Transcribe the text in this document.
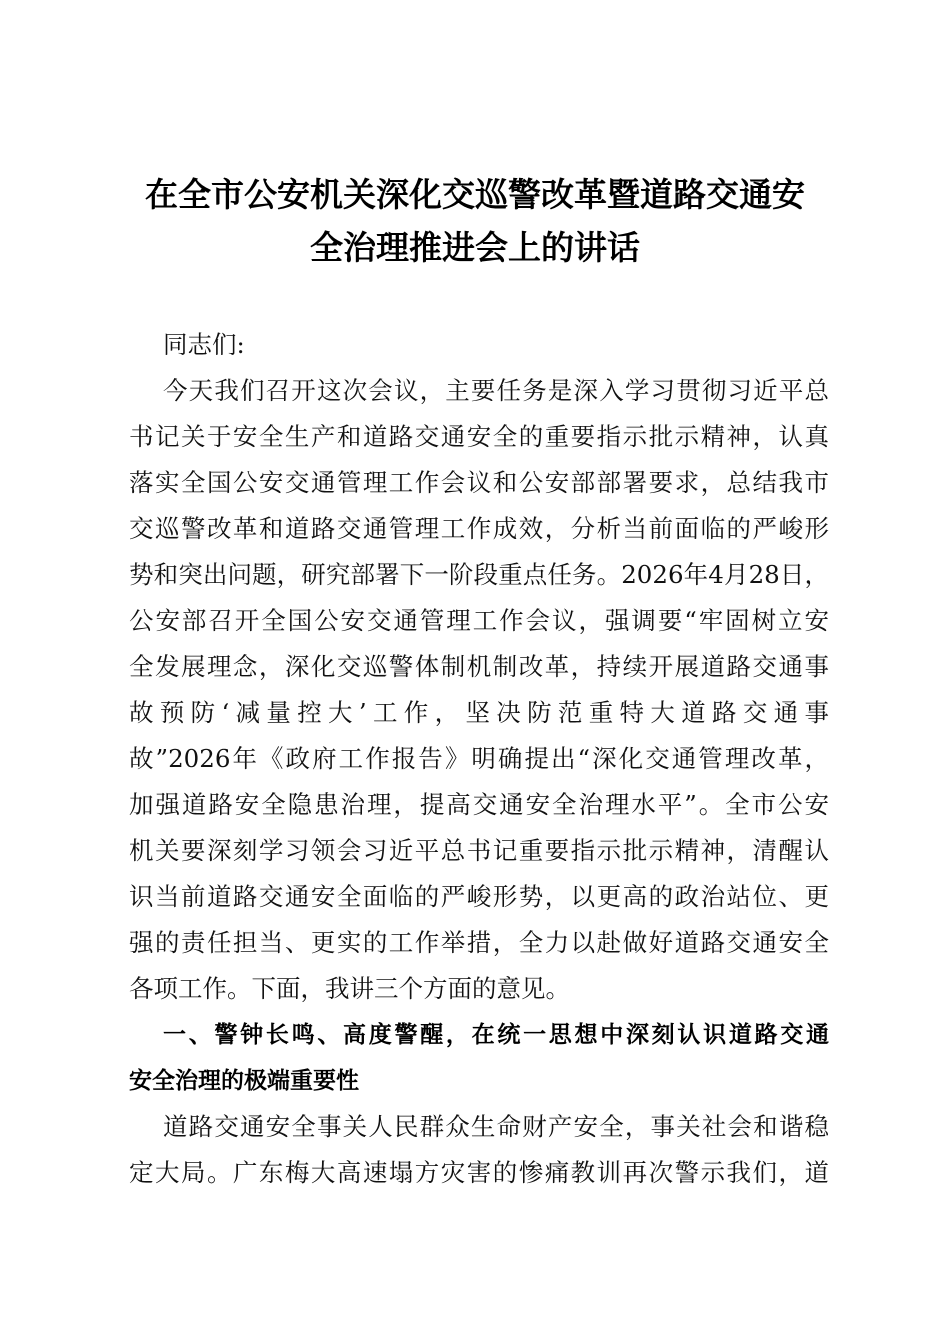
在全市公安机关深化交巡警改革暨道路交通安
全治理推进会上的讲话
同志们:
今天我们召开这次会议，主要任务是深入学习贯彻习近平总
书记关于安全生产和道路交通安全的重要指示批示精神，认真
落实全国公安交通管理工作会议和公安部部署要求，总结我市
交巡警改革和道路交通管理工作成效，分析当前面临的严峻形
势和突出问题，研究部署下一阶段重点任务。2026年4月28日，
公安部召开全国公安交通管理工作会议，强调要“牢固树立安
全发展理念，深化交巡警体制机制改革，持续开展道路交通事
故预防‘减量控大’工作，坚决防范重特大道路交通事
故”2026年《政府工作报告》明确提出“深化交通管理改革，
加强道路安全隐患治理，提高交通安全治理水平”。全市公安
机关要深刻学习领会习近平总书记重要指示批示精神，清醒认
识当前道路交通安全面临的严峻形势，以更高的政治站位、更
强的责任担当、更实的工作举措，全力以赴做好道路交通安全
各项工作。下面，我讲三个方面的意见。
一、警钟长鸣、高度警醒，在统一思想中深刻认识道路交通
安全治理的极端重要性
道路交通安全事关人民群众生命财产安全，事关社会和谐稳
定大局。广东梅大高速塌方灾害的惨痛教训再次警示我们，道
